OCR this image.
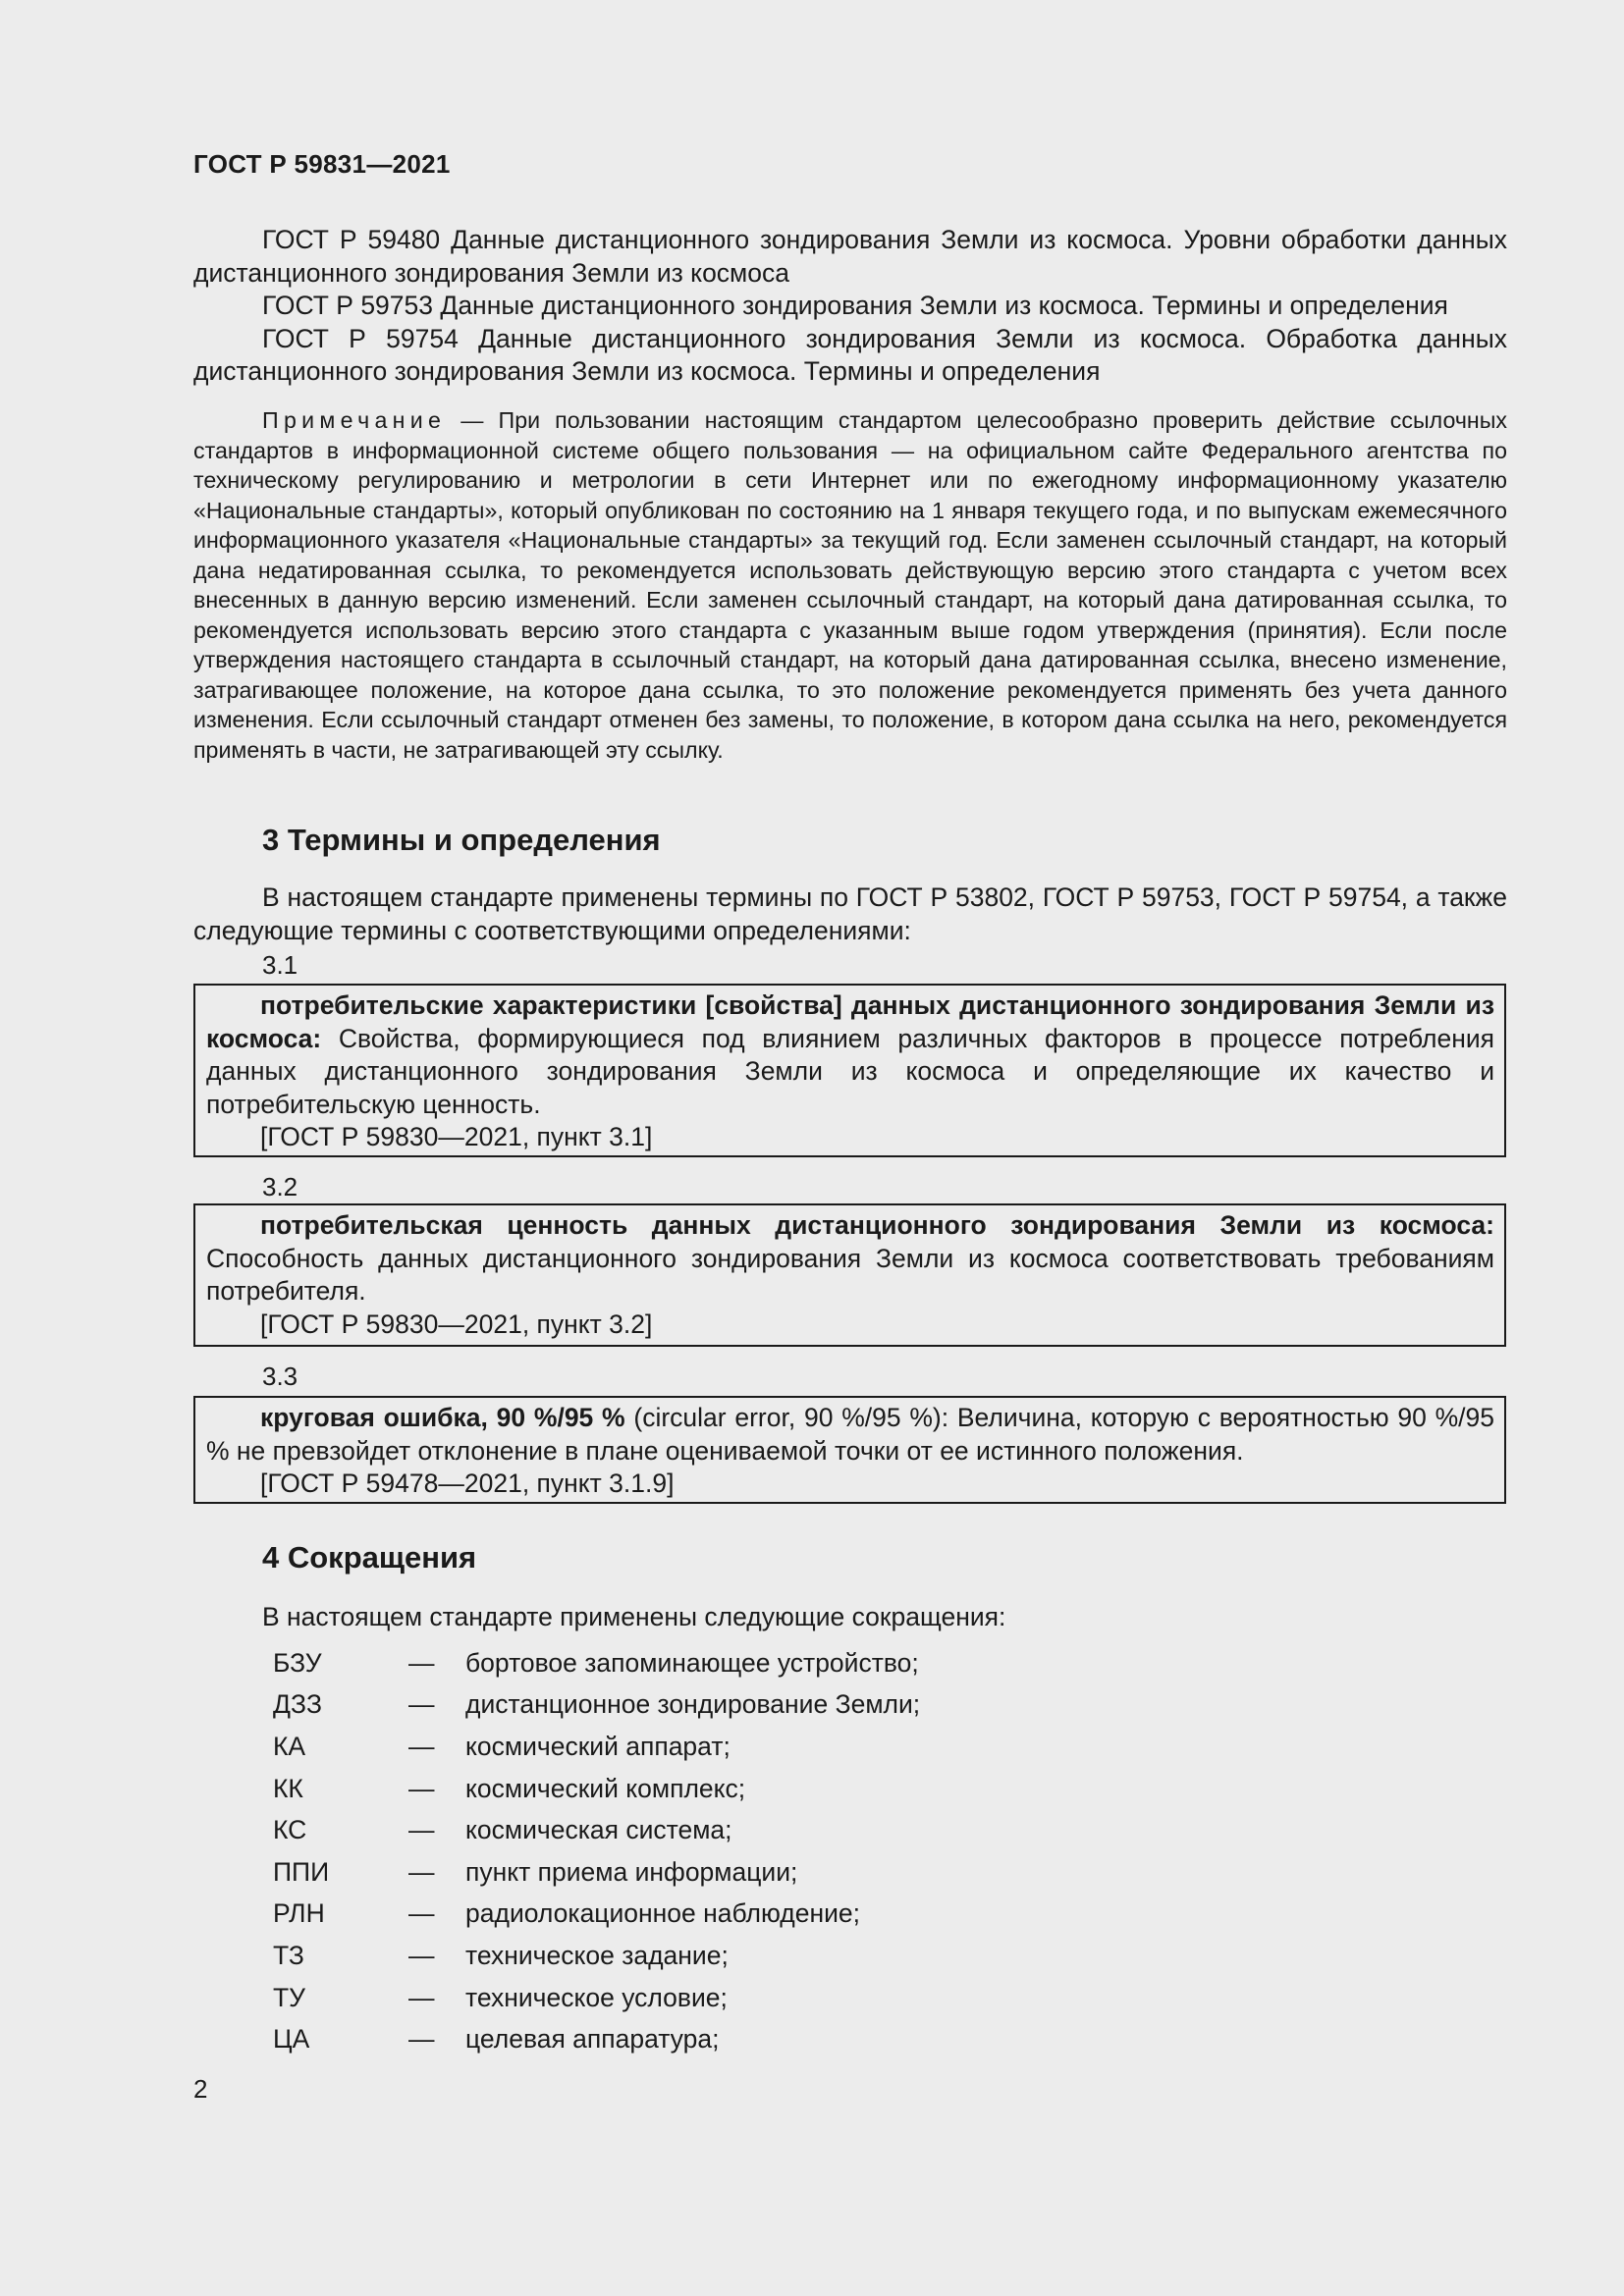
ГОСТ Р 59831—2021

ГОСТ Р 59480 Данные дистанционного зондирования Земли из космоса. Уровни обработки данных дистанционного зондирования Земли из космоса

ГОСТ Р 59753 Данные дистанционного зондирования Земли из космоса. Термины и определения

ГОСТ Р 59754 Данные дистанционного зондирования Земли из космоса. Обработка данных дистанционного зондирования Земли из космоса. Термины и определения

Примечание — При пользовании настоящим стандартом целесообразно проверить действие ссылочных стандартов в информационной системе общего пользования — на официальном сайте Федерального агентства по техническому регулированию и метрологии в сети Интернет или по ежегодному информационному указателю «Национальные стандарты», который опубликован по состоянию на 1 января текущего года, и по выпускам ежемесячного информационного указателя «Национальные стандарты» за текущий год. Если заменен ссылочный стандарт, на который дана недатированная ссылка, то рекомендуется использовать действующую версию этого стандарта с учетом всех внесенных в данную версию изменений. Если заменен ссылочный стандарт, на который дана датированная ссылка, то рекомендуется использовать версию этого стандарта с указанным выше годом утверждения (принятия). Если после утверждения настоящего стандарта в ссылочный стандарт, на который дана датированная ссылка, внесено изменение, затрагивающее положение, на которое дана ссылка, то это положение рекомендуется применять без учета данного изменения. Если ссылочный стандарт отменен без замены, то положение, в котором дана ссылка на него, рекомендуется применять в части, не затрагивающей эту ссылку.

3 Термины и определения

В настоящем стандарте применены термины по ГОСТ Р 53802, ГОСТ Р 59753, ГОСТ Р 59754, а также следующие термины с соответствующими определениями:

3.1

потребительские характеристики [свойства] данных дистанционного зондирования Земли из космоса: Свойства, формирующиеся под влиянием различных факторов в процессе потребления данных дистанционного зондирования Земли из космоса и определяющие их качество и потребительскую ценность.

[ГОСТ Р 59830—2021, пункт 3.1]

3.2

потребительская ценность данных дистанционного зондирования Земли из космоса: Способность данных дистанционного зондирования Земли из космоса соответствовать требованиям потребителя.

[ГОСТ Р 59830—2021, пункт 3.2]

3.3

круговая ошибка, 90 %/95 % (circular error, 90 %/95 %): Величина, которую с вероятностью 90 %/95 % не превзойдет отклонение в плане оцениваемой точки от ее истинного положения.

[ГОСТ Р 59478—2021, пункт 3.1.9]

4 Сокращения
В настоящем стандарте применены следующие сокращения:
БЗУ	—	бортовое запоминающее устройство;
ДЗЗ	—	дистанционное зондирование Земли;
КА	—	космический аппарат;
КК	—	космический комплекс;
КС	—	космическая система;
ППИ	—	пункт приема информации;
РЛН	—	радиолокационное наблюдение;
ТЗ	—	техническое задание;
ТУ	—	техническое условие;
ЦА	—	целевая аппаратура;
2
